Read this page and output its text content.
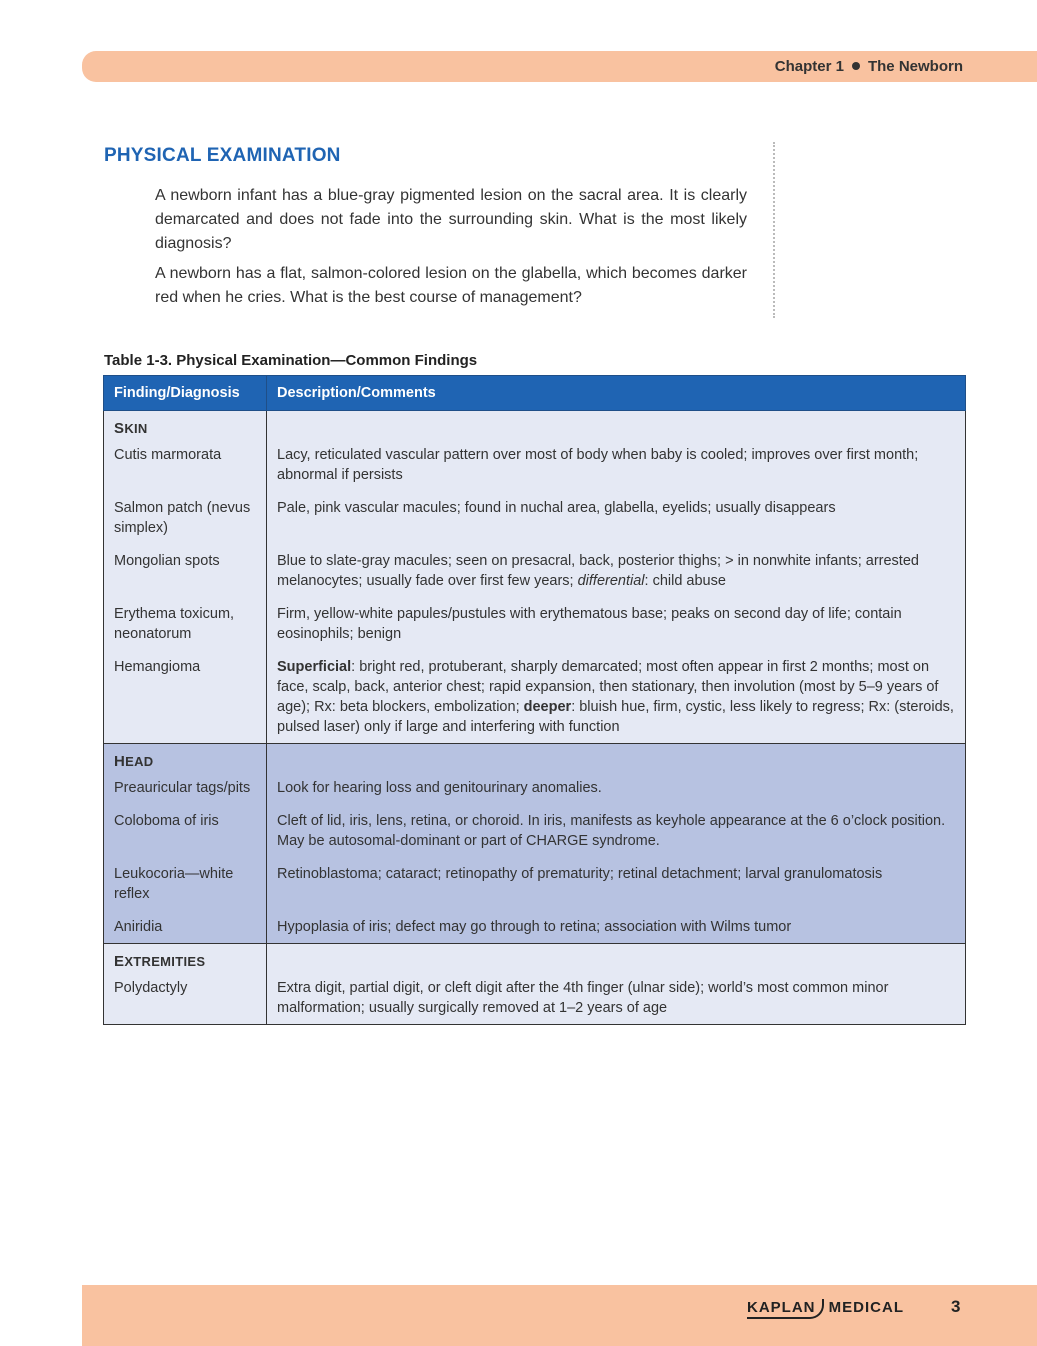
Chapter 1 The Newborn
PHYSICAL EXAMINATION

A newborn infant has a blue-gray pigmented lesion on the sacral area. It is clearly demarcated and does not fade into the surrounding skin. What is the most likely diagnosis?

A newborn has a flat, salmon-colored lesion on the glabella, which becomes darker red when he cries. What is the best course of management?

Table 1-3. Physical Examination—Common Findings
Finding/Diagnosis	Description/Comments
SKIN	
Cutis marmorata	Lacy, reticulated vascular pattern over most of body when baby is cooled; improves over first month; abnormal if persists
Salmon patch (nevus simplex)	Pale, pink vascular macules; found in nuchal area, glabella, eyelids; usually disappears
Mongolian spots	Blue to slate-gray macules; seen on presacral, back, posterior thighs; > in nonwhite infants; arrested melanocytes; usually fade over first few years; differential: child abuse
Erythema toxicum, neonatorum	Firm, yellow-white papules/pustules with erythematous base; peaks on second day of life; contain eosinophils; benign
Hemangioma	Superficial: bright red, protuberant, sharply demarcated; most often appear in first 2 months; most on face, scalp, back, anterior chest; rapid expansion, then stationary, then involution (most by 5–9 years of age); Rx: beta blockers, embolization; deeper: bluish hue, firm, cystic, less likely to regress; Rx: (steroids, pulsed laser) only if large and interfering with function
HEAD	
Preauricular tags/pits	Look for hearing loss and genitourinary anomalies.
Coloboma of iris	Cleft of lid, iris, lens, retina, or choroid. In iris, manifests as keyhole appearance at the 6 o’clock position. May be autosomal-dominant or part of CHARGE syndrome.
Leukocoria—white reflex	Retinoblastoma; cataract; retinopathy of prematurity; retinal detachment; larval granulomatosis
Aniridia	Hypoplasia of iris; defect may go through to retina; association with Wilms tumor
EXTREMITIES	
Polydactyly	Extra digit, partial digit, or cleft digit after the 4th finger (ulnar side); world’s most common minor malformation; usually surgically removed at 1–2 years of age
KAPLAN MEDICAL	3
